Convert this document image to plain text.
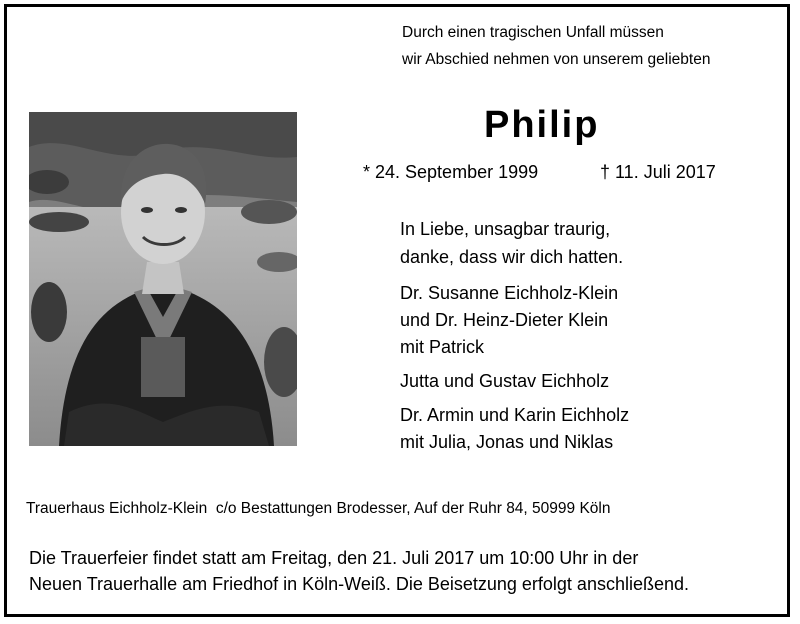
Durch einen tragischen Unfall müssen
wir Abschied nehmen von unserem geliebten
Philip
* 24. September 1999	† 11. Juli 2017
In Liebe, unsagbar traurig,
danke, dass wir dich hatten.
Dr. Susanne Eichholz-Klein
und Dr. Heinz-Dieter Klein
mit Patrick
Jutta und Gustav Eichholz
Dr. Armin und Karin Eichholz
mit Julia, Jonas und Niklas
Trauerhaus Eichholz-Klein  c/o Bestattungen Brodesser, Auf der Ruhr 84, 50999 Köln
Die Trauerfeier findet statt am Freitag, den 21. Juli 2017 um 10:00 Uhr in der
Neuen Trauerhalle am Friedhof in Köln-Weiß. Die Beisetzung erfolgt anschließend.
